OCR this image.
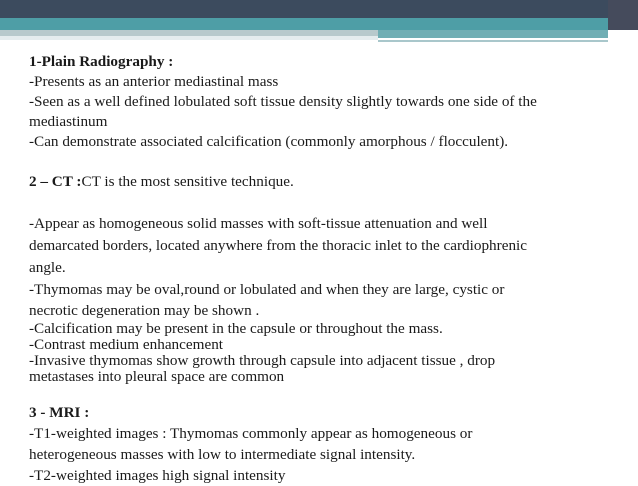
1-Plain Radiography :

-Presents as an anterior mediastinal mass

-Seen as a well defined lobulated soft tissue density slightly towards one side of the

mediastinum

-Can demonstrate associated calcification (commonly amorphous / flocculent).

2 – CT :CT is the most sensitive technique.

-Appear as homogeneous solid masses with soft-tissue attenuation and well

demarcated borders, located anywhere from the thoracic inlet to the cardiophrenic

angle.

-Thymomas may be oval,round or lobulated and when they are large, cystic or

necrotic degeneration may be shown .

-Calcification may be present in the capsule or throughout the mass.

-Contrast medium enhancement

-Invasive thymomas show growth through capsule into adjacent tissue , drop

metastases into pleural space are common

3 - MRI :

-T1-weighted images : Thymomas commonly appear as homogeneous or

heterogeneous masses with low to intermediate signal intensity.

-T2-weighted images high signal intensity
